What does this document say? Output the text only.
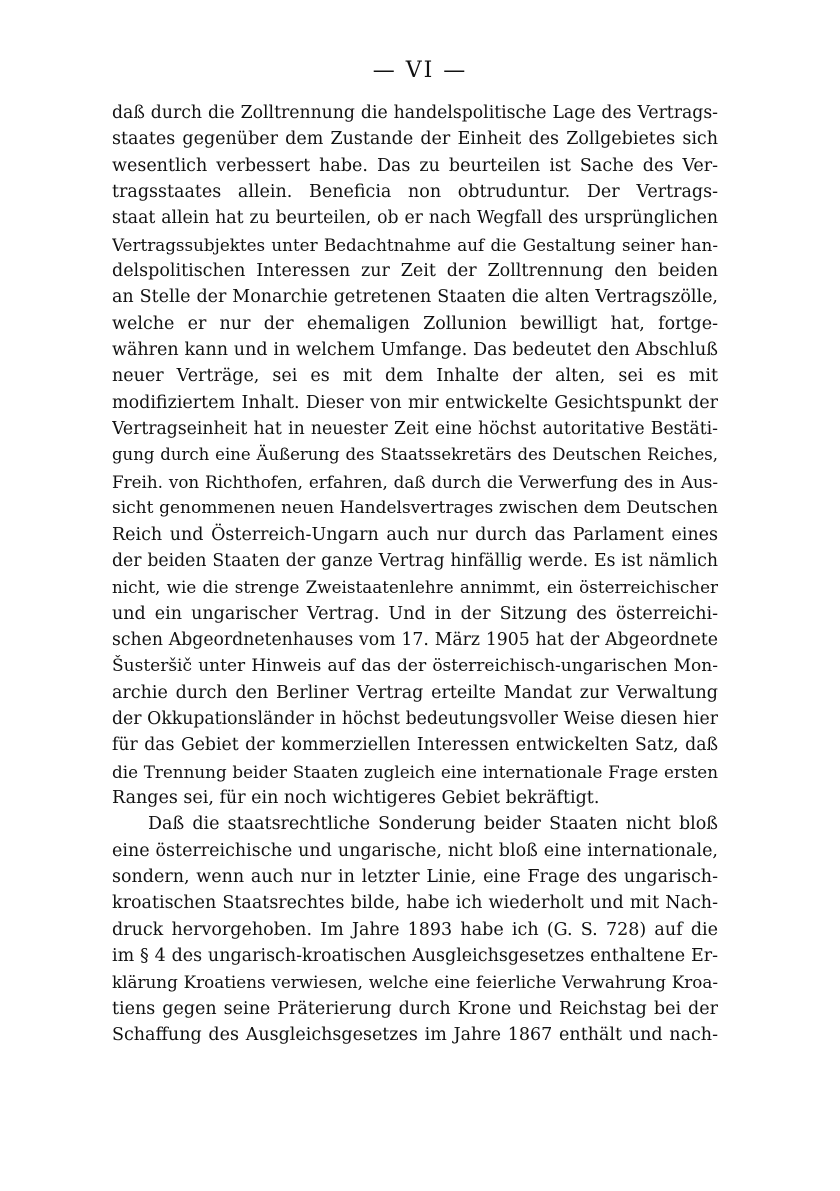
— VI —
daß durch die Zolltrennung die handelspolitische Lage des Vertrags-
staates gegenüber dem Zustande der Einheit des Zollgebietes sich
wesentlich verbessert habe. Das zu beurteilen ist Sache des Ver-
tragsstaates allein. Beneficia non obtruduntur. Der Vertrags-
staat allein hat zu beurteilen, ob er nach Wegfall des ursprünglichen
Vertragssubjektes unter Bedachtnahme auf die Gestaltung seiner han-
delspolitischen Interessen zur Zeit der Zolltrennung den beiden
an Stelle der Monarchie getretenen Staaten die alten Vertragszölle,
welche er nur der ehemaligen Zollunion bewilligt hat, fortge-
währen kann und in welchem Umfange. Das bedeutet den Abschluß
neuer Verträge, sei es mit dem Inhalte der alten, sei es mit
modifiziertem Inhalt. Dieser von mir entwickelte Gesichtspunkt der
Vertragseinheit hat in neuester Zeit eine höchst autoritative Bestäti-
gung durch eine Äußerung des Staatssekretärs des Deutschen Reiches,
Freih. von Richthofen, erfahren, daß durch die Verwerfung des in Aus-
sicht genommenen neuen Handelsvertrages zwischen dem Deutschen
Reich und Österreich-Ungarn auch nur durch das Parlament eines
der beiden Staaten der ganze Vertrag hinfällig werde. Es ist nämlich
nicht, wie die strenge Zweistaatenlehre annimmt, ein österreichischer
und ein ungarischer Vertrag. Und in der Sitzung des österreichi-
schen Abgeordnetenhauses vom 17. März 1905 hat der Abgeordnete
Šusteršič unter Hinweis auf das der österreichisch-ungarischen Mon-
archie durch den Berliner Vertrag erteilte Mandat zur Verwaltung
der Okkupationsländer in höchst bedeutungsvoller Weise diesen hier
für das Gebiet der kommerziellen Interessen entwickelten Satz, daß
die Trennung beider Staaten zugleich eine internationale Frage ersten
Ranges sei, für ein noch wichtigeres Gebiet bekräftigt.
Daß die staatsrechtliche Sonderung beider Staaten nicht bloß
eine österreichische und ungarische, nicht bloß eine internationale,
sondern, wenn auch nur in letzter Linie, eine Frage des ungarisch-
kroatischen Staatsrechtes bilde, habe ich wiederholt und mit Nach-
druck hervorgehoben. Im Jahre 1893 habe ich (G. S. 728) auf die
im § 4 des ungarisch-kroatischen Ausgleichsgesetzes enthaltene Er-
klärung Kroatiens verwiesen, welche eine feierliche Verwahrung Kroa-
tiens gegen seine Präterierung durch Krone und Reichstag bei der
Schaffung des Ausgleichsgesetzes im Jahre 1867 enthält und nach-
